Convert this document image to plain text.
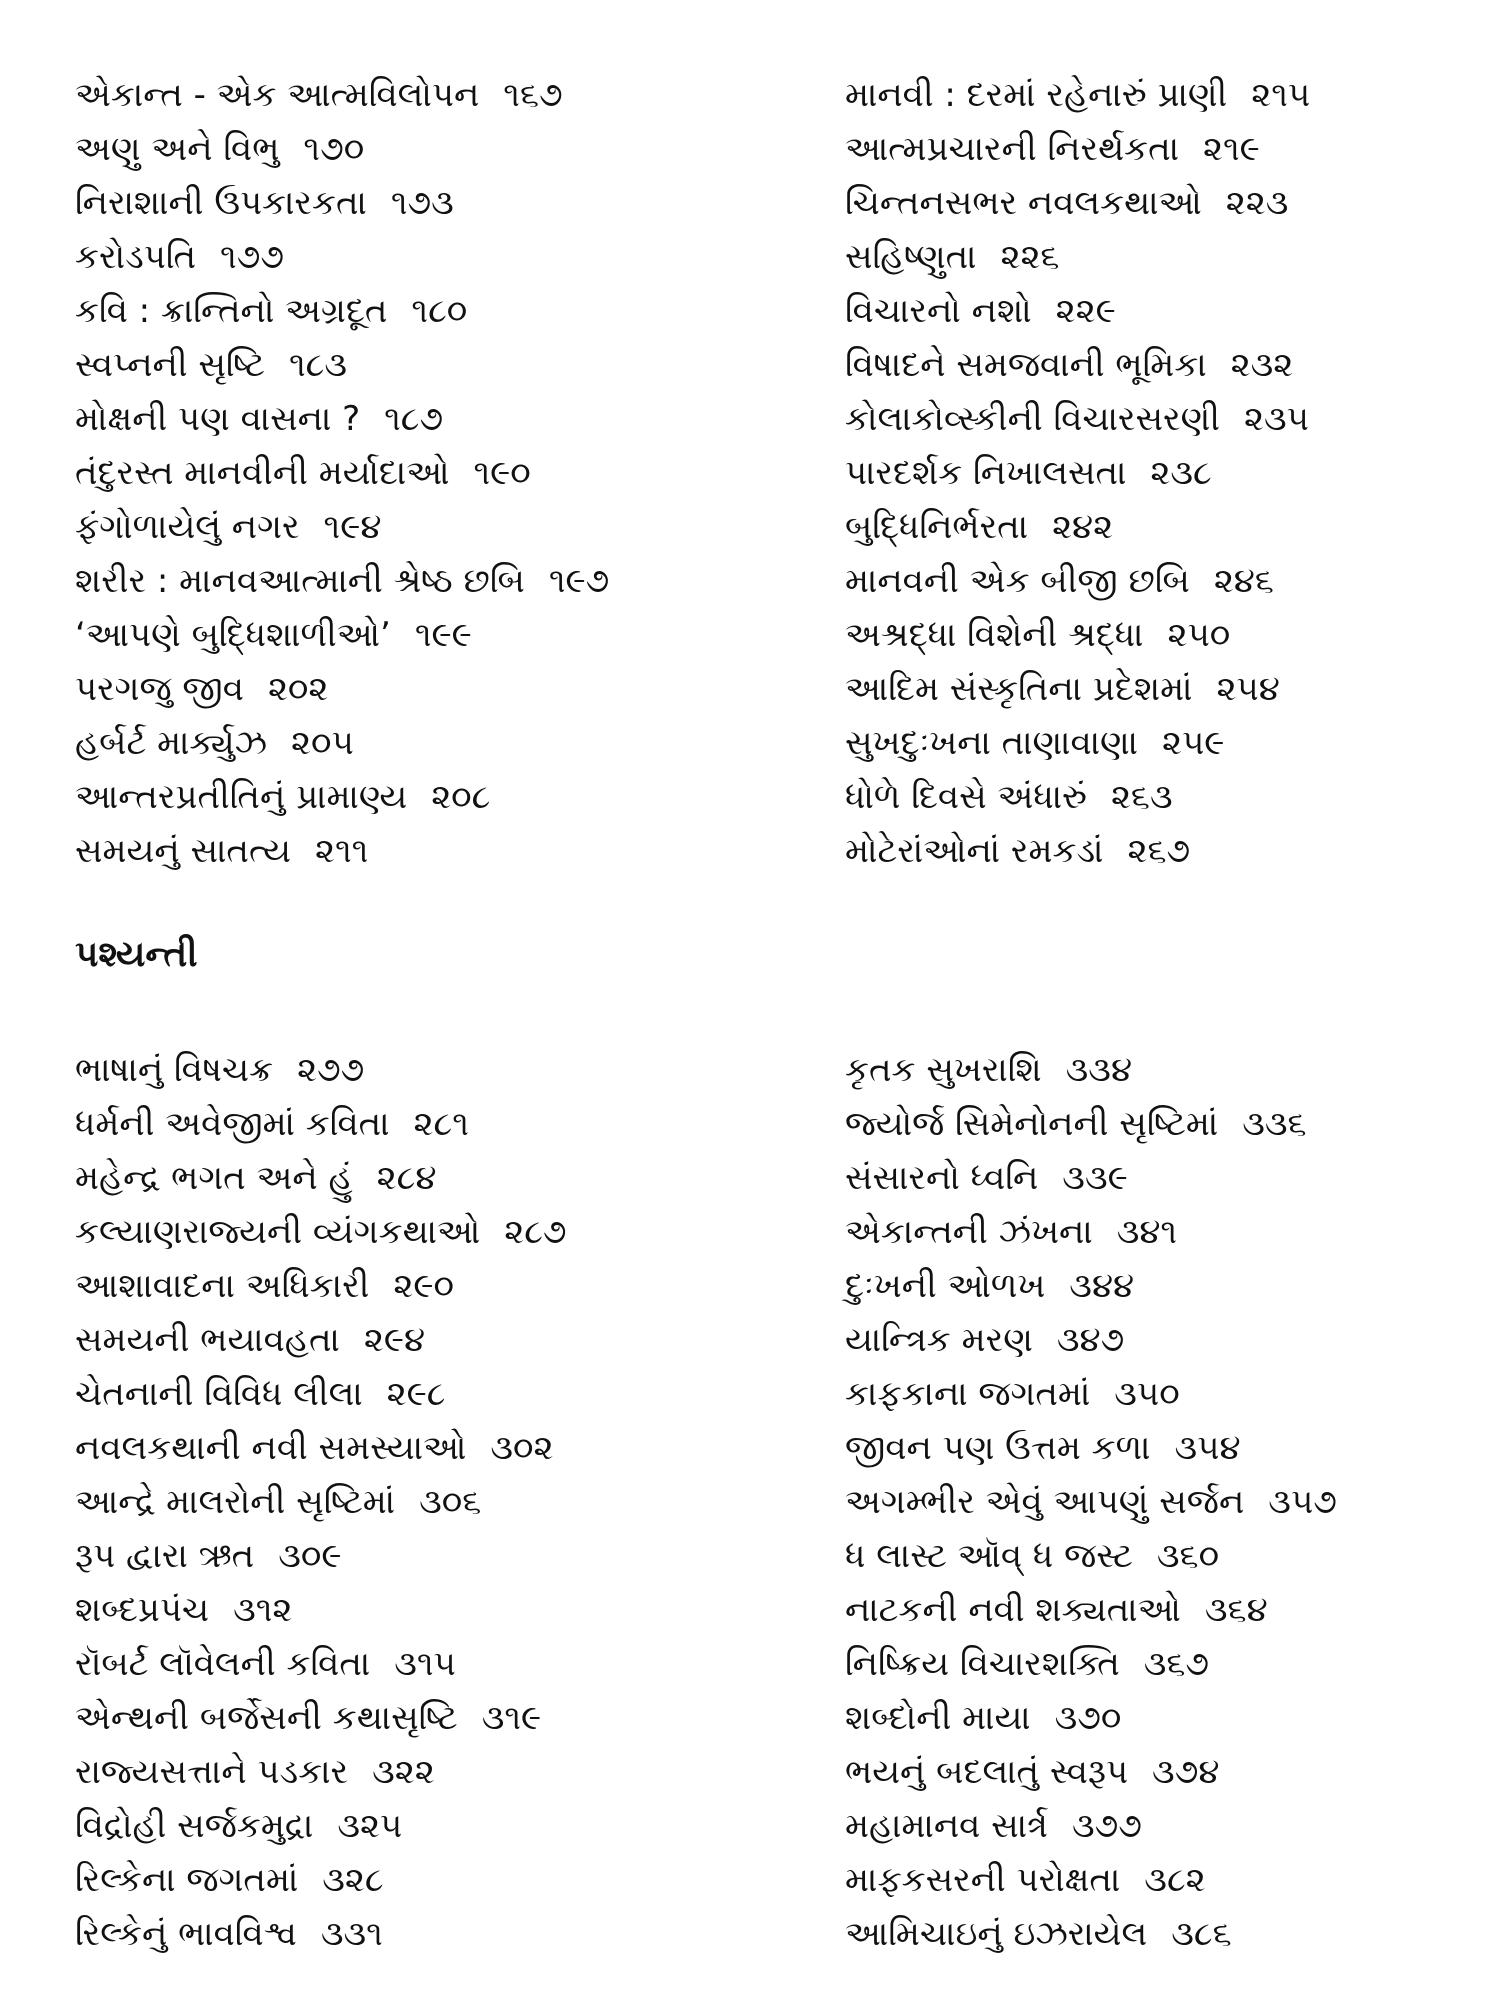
એકાન્ત - એક આત્મવિલોપન ૧૬૭
અણુ અને વિભુ ૧૭૦
નિરાશાની ઉપકારકતા ૧૭૩
કરોડપતિ ૧૭૭
કવિ : ક્રાન્તિનો અગ્રદૂત ૧૮૦
સ્વપ્નની સૃષ્ટિ ૧૮૩
મોક્ષની પણ વાસના ? ૧૮૭
તંદુરસ્ત માનવીની મર્યાદાઓ ૧૯૦
ફંગોળાયેલું નગર ૧૯૪
શરીર : માનવઆત્માની શ્રેષ્ઠ છબિ ૧૯૭
‘આપણે બુદ્ધિશાળીઓ’ ૧૯૯
પરગજુ જીવ ૨૦૨
હર્બર્ટ માર્ક્યુઝ ૨૦૫
આન્તરપ્રતીતિનું પ્રામાણ્ય ૨૦૮
સમયનું સાતત્ય ૨૧૧
માનવી : દરમાં રહેનારું પ્રાણી ૨૧૫
આત્મપ્રચારની નિરર્થકતા ૨૧૯
ચિન્તનસભર નવલકથાઓ ૨૨૩
સહિષ્ણુતા ૨૨૬
વિચારનો નશો ૨૨૯
વિષાદને સમજવાની ભૂમિકા ૨૩૨
કોલાકોવ્સ્કીની વિચારસરણી ૨૩૫
પારદર્શક નિખાલસતા ૨૩૮
બુદ્ધિનિર્ભરતા ૨૪૨
માનવની એક બીજી છબિ ૨૪૬
અશ્રદ્ધા વિશેની શ્રદ્ધા ૨૫૦
આદિમ સંસ્કૃતિના પ્રદેશમાં ૨૫૪
સુખદુઃખના તાણાવાણા ૨૫૯
ધોળે દિવસે અંધારું ૨૬૩
મોટેરાંઓનાં રમકડાં ૨૬૭
પશ્યન્તી
ભાષાનું વિષચક્ર ૨૭૭
ધર્મની અવેજીમાં કવિતા ૨૮૧
મહેન્દ્ર ભગત અને હું ૨૮૪
કલ્યાણરાજ્યની વ્યંગકથાઓ ૨૮૭
આશાવાદના અધિકારી ૨૯૦
સમયની ભયાવહતા ૨૯૪
ચેતનાની વિવિધ લીલા ૨૯૮
નવલકથાની નવી સમસ્યાઓ ૩૦૨
આન્દ્રે માલરોની સૃષ્ટિમાં ૩૦૬
રૂપ દ્વારા ઋત ૩૦૯
શબ્દપ્રપંચ ૩૧૨
રૉબર્ટ લૉવેલની કવિતા ૩૧૫
એન્થની બર્જેસની કથાસૃષ્ટિ ૩૧૯
રાજ્યસત્તાને પડકાર ૩૨૨
વિદ્રોહી સર્જકમુદ્રા ૩૨૫
રિલ્કેના જગતમાં ૩૨૮
રિલ્કેનું ભાવવિશ્વ ૩૩૧
કૃતક સુખરાશિ ૩૩૪
જ્યોર્જ સિમેનોનની સૃષ્ટિમાં ૩૩૬
સંસારનો ધ્વનિ ૩૩૯
એકાન્તની ઝંખના ૩૪૧
દુઃખની ઓળખ ૩૪૪
યાન્ત્રિક મરણ ૩૪૭
કાફકાના જગતમાં ૩૫૦
જીવન પણ ઉત્તમ કળા ૩૫૪
અગમ્ભીર એવું આપણું સર્જન ૩૫૭
ધ લાસ્ટ ઑવ્ ધ જસ્ટ ૩૬૦
નાટકની નવી શક્યતાઓ ૩૬૪
નિષ્ક્રિય વિચારશક્તિ ૩૬૭
શબ્દોની માયા ૩૭૦
ભયનું બદલાતું સ્વરૂપ ૩૭૪
મહામાનવ સાર્ત્ર ૩૭૭
માફકસરની પરોક્ષતા ૩૮૨
આમિચાઇનું ઇઝરાયેલ ૩૮૬
